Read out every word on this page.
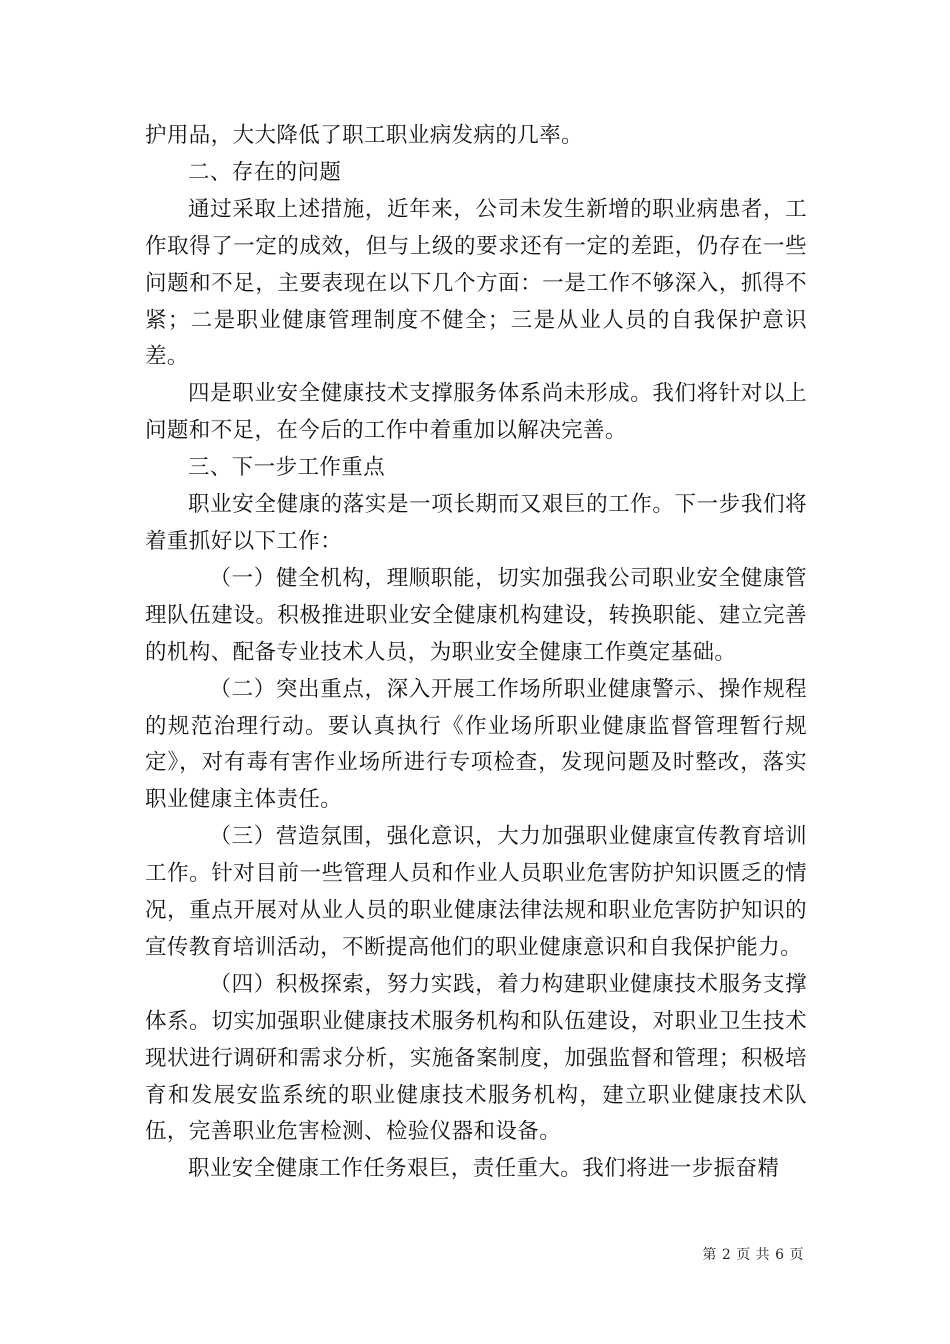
护用品，大大降低了职工职业病发病的几率。

二、存在的问题

通过采取上述措施，近年来，公司未发生新增的职业病患者，工作取得了一定的成效，但与上级的要求还有一定的差距，仍存在一些问题和不足，主要表现在以下几个方面：一是工作不够深入，抓得不紧；二是职业健康管理制度不健全；三是从业人员的自我保护意识差。

四是职业安全健康技术支撑服务体系尚未形成。我们将针对以上问题和不足，在今后的工作中着重加以解决完善。

三、下一步工作重点

职业安全健康的落实是一项长期而又艰巨的工作。下一步我们将着重抓好以下工作：

（一）健全机构，理顺职能，切实加强我公司职业安全健康管理队伍建设。积极推进职业安全健康机构建设，转换职能、建立完善的机构、配备专业技术人员，为职业安全健康工作奠定基础。

（二）突出重点，深入开展工作场所职业健康警示、操作规程的规范治理行动。要认真执行《作业场所职业健康监督管理暂行规定》，对有毒有害作业场所进行专项检查，发现问题及时整改，落实职业健康主体责任。

（三）营造氛围，强化意识，大力加强职业健康宣传教育培训工作。针对目前一些管理人员和作业人员职业危害防护知识匮乏的情况，重点开展对从业人员的职业健康法律法规和职业危害防护知识的宣传教育培训活动，不断提高他们的职业健康意识和自我保护能力。

（四）积极探索，努力实践，着力构建职业健康技术服务支撑体系。切实加强职业健康技术服务机构和队伍建设，对职业卫生技术现状进行调研和需求分析，实施备案制度，加强监督和管理；积极培育和发展安监系统的职业健康技术服务机构，建立职业健康技术队伍，完善职业危害检测、检验仪器和设备。

职业安全健康工作任务艰巨，责任重大。我们将进一步振奋精

第 2 页 共 6 页
